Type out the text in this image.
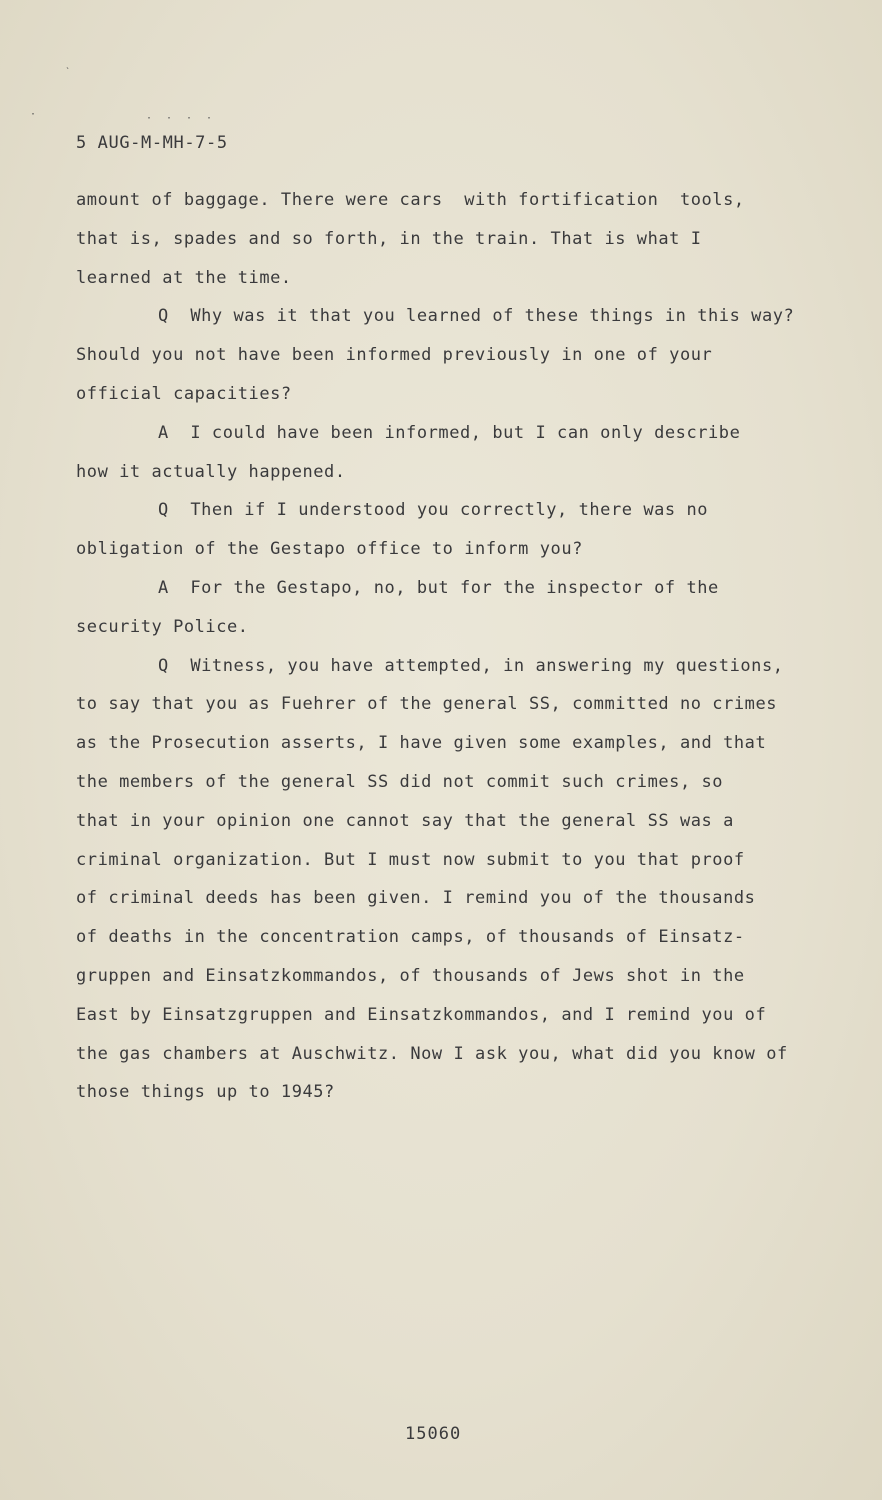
ˋ
·	····
5 AUG-M-MH-7-5
amount of baggage. There were cars  with fortification  tools,
that is, spades and so forth, in the train. That is what I
learned at the time.
Q  Why was it that you learned of these things in this way?
Should you not have been informed previously in one of your
official capacities?
A  I could have been informed, but I can only describe
how it actually happened.
Q  Then if I understood you correctly, there was no
obligation of the Gestapo office to inform you?
A  For the Gestapo, no, but for the inspector of the
security Police.
Q  Witness, you have attempted, in answering my questions,
to say that you as Fuehrer of the general SS, committed no crimes
as the Prosecution asserts, I have given some examples, and that
the members of the general SS did not commit such crimes, so
that in your opinion one cannot say that the general SS was a
criminal organization. But I must now submit to you that proof
of criminal deeds has been given. I remind you of the thousands
of deaths in the concentration camps, of thousands of Einsatz-
gruppen and Einsatzkommandos, of thousands of Jews shot in the
East by Einsatzgruppen and Einsatzkommandos, and I remind you of
the gas chambers at Auschwitz. Now I ask you, what did you know of
those things up to 1945?
15060
